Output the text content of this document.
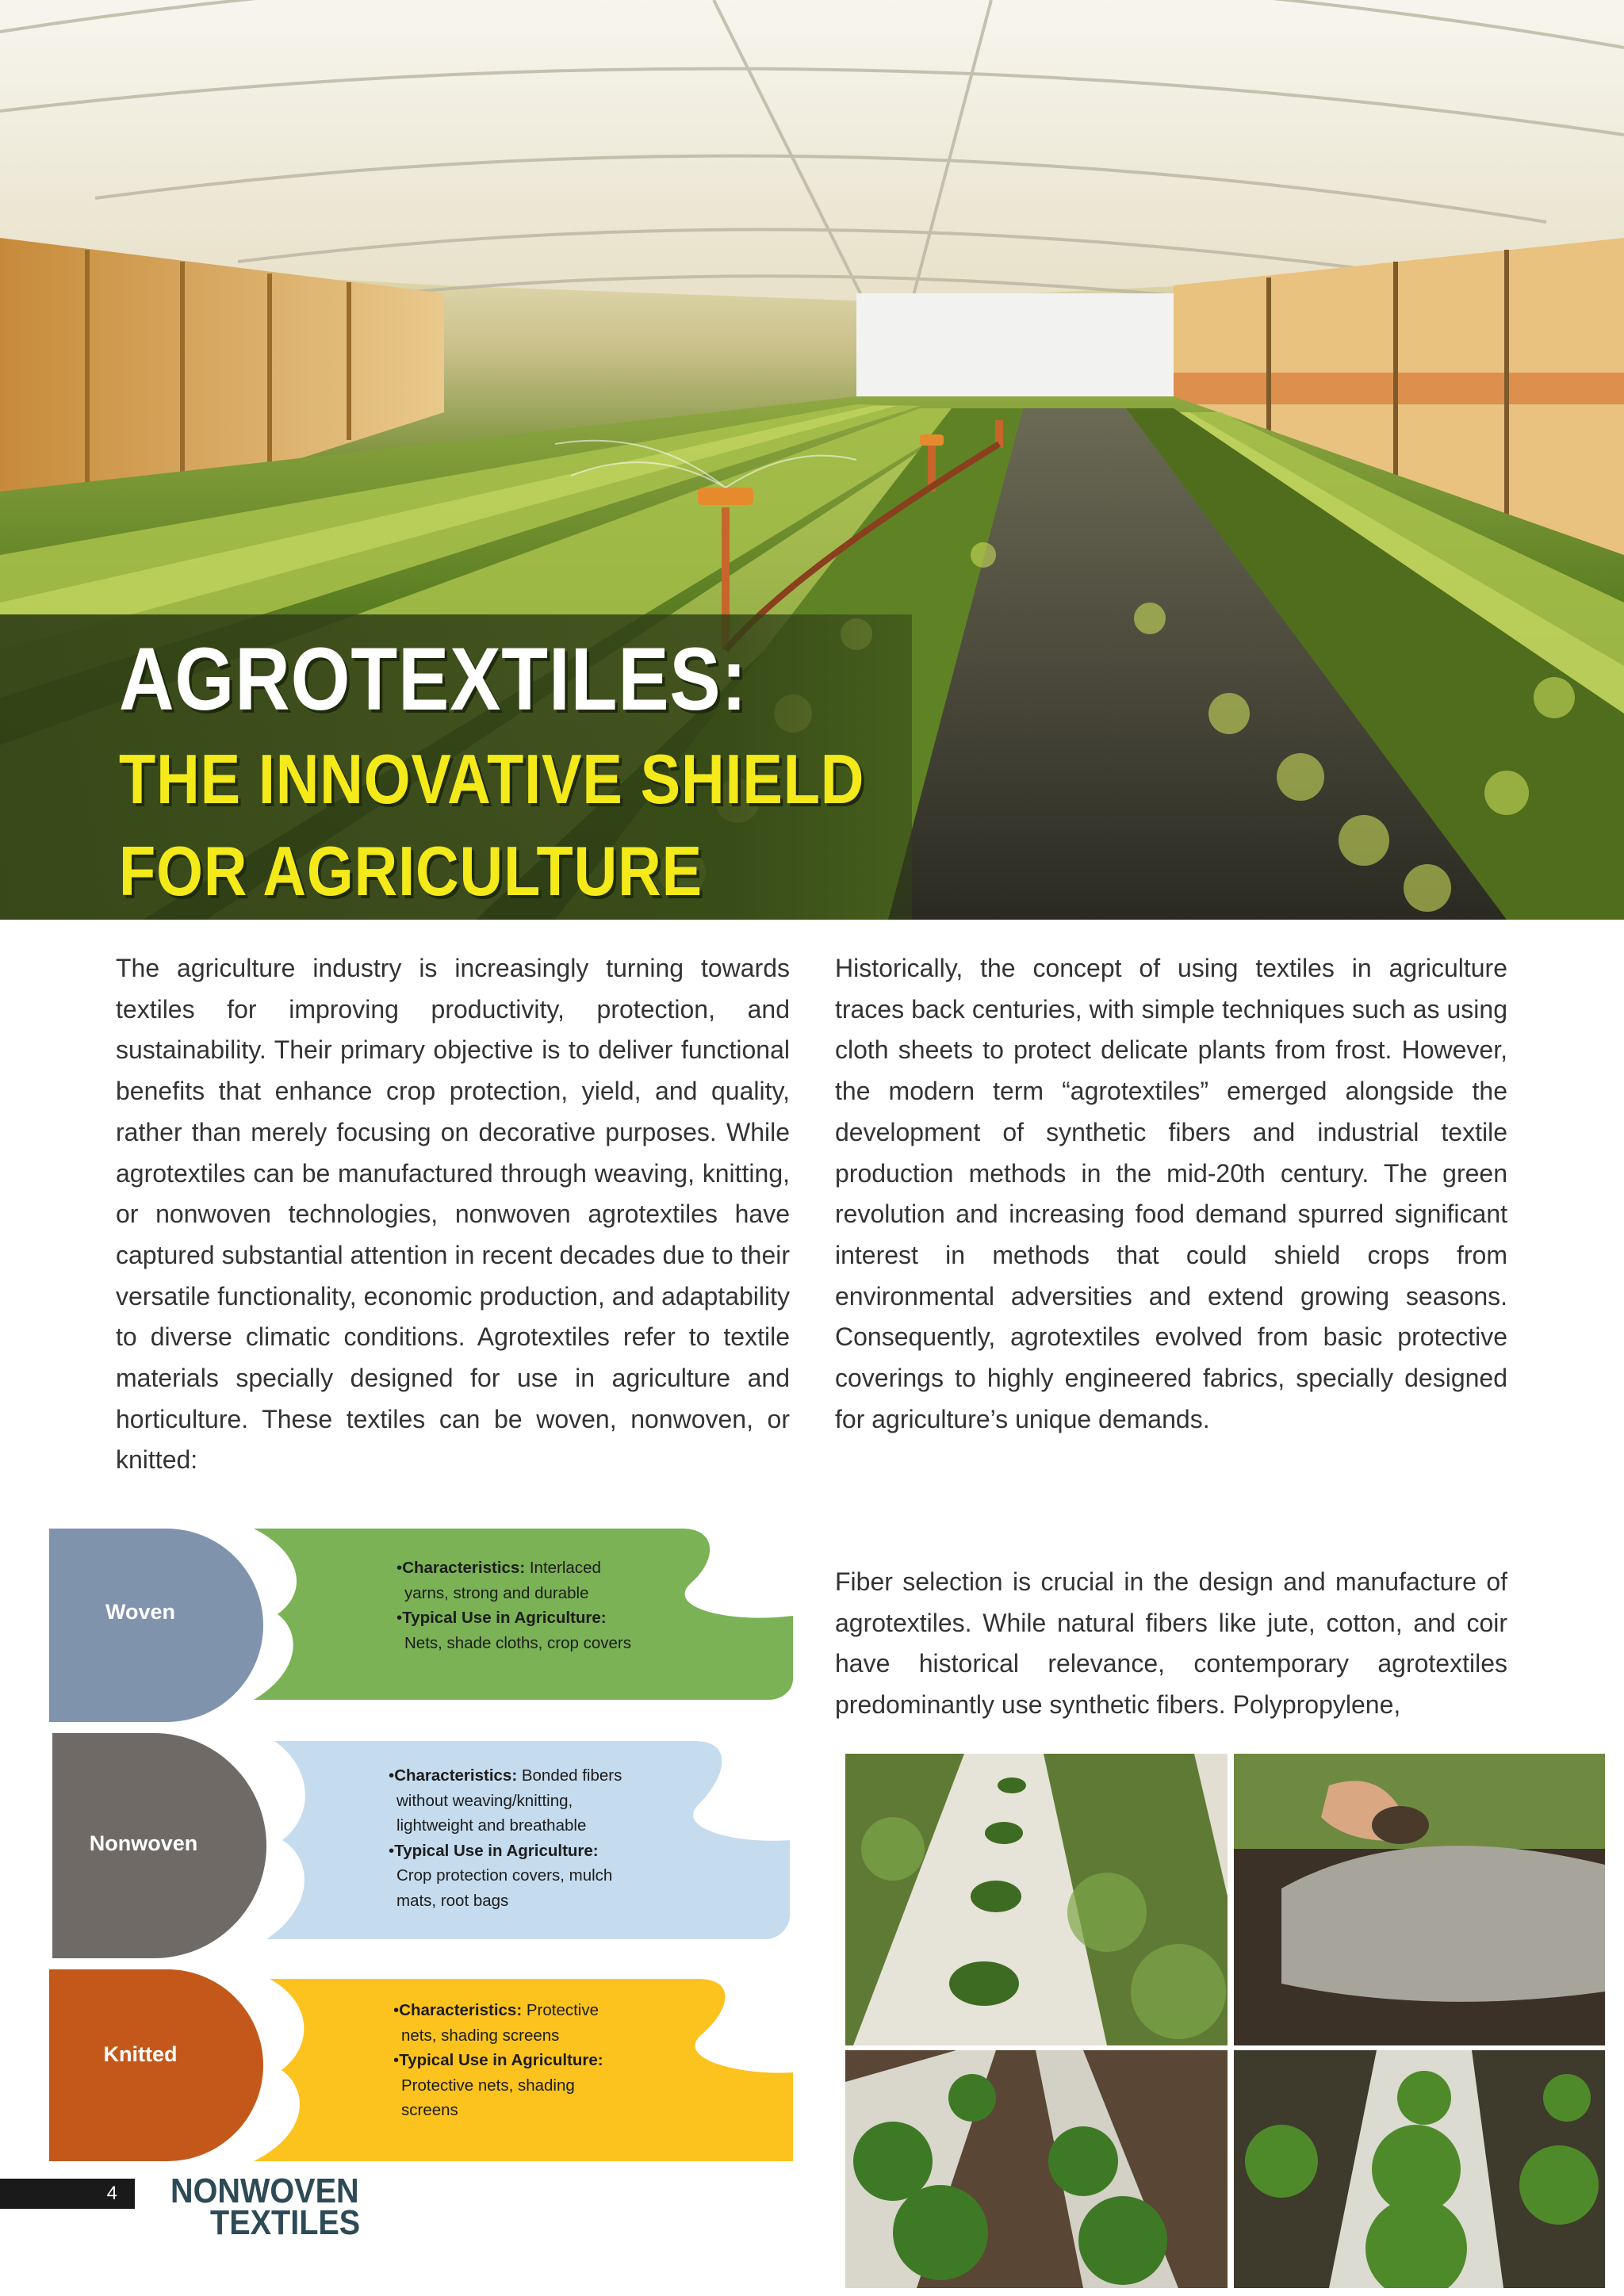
AGROTEXTILES:
THE INNOVATIVE SHIELD
FOR AGRICULTURE

The agriculture industry is increasingly turning towards textiles for improving productivity, protection, and sustainability. Their primary objective is to deliver functional benefits that enhance crop protection, yield, and quality, rather than merely focusing on decorative purposes. While agrotextiles can be manufactured through weaving, knitting, or nonwoven technologies, nonwoven agrotextiles have captured substantial attention in recent decades due to their versatile functionality, economic production, and adaptability to diverse climatic conditions. Agrotextiles refer to textile materials specially designed for use in agriculture and horticulture. These textiles can be woven, nonwoven, or knitted:

Historically, the concept of using textiles in agriculture traces back centuries, with simple techniques such as using cloth sheets to protect delicate plants from frost. However, the modern term “agrotextiles” emerged alongside the development of synthetic fibers and industrial textile production methods in the mid-20th century. The green revolution and increasing food demand spurred significant interest in methods that could shield crops from environmental adversities and extend growing seasons. Consequently, agrotextiles evolved from basic protective coverings to highly engineered fabrics, specially designed for agriculture’s unique demands.

Fiber selection is crucial in the design and manufacture of agrotextiles. While natural fibers like jute, cotton, and coir have historical relevance, contemporary agrotextiles predominantly use synthetic fibers. Polypropylene,

•Characteristics: Interlaced

yarns, strong and durable

•Typical Use in Agriculture:

Nets, shade cloths, crop covers

Woven

•Characteristics: Bonded fibers

without weaving/knitting,

lightweight and breathable

•Typical Use in Agriculture:

Crop protection covers, mulch

mats, root bags

Nonwoven

•Characteristics: Protective

nets, shading screens

•Typical Use in Agriculture:

Protective nets, shading

screens

Knitted
4 NONWOVEN
TEXTILES
